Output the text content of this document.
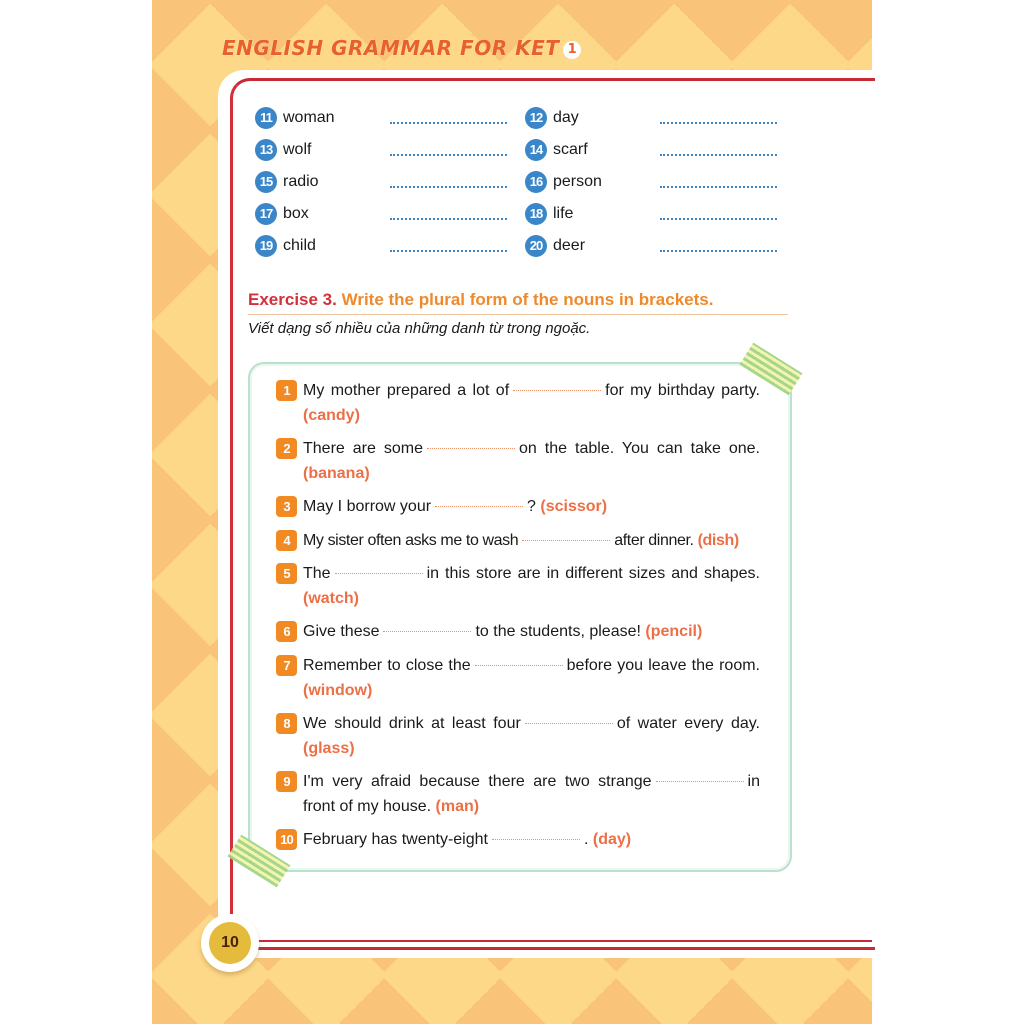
ENGLISH GRAMMAR FOR KET 1
11 woman	12 day
13 wolf	14 scarf
15 radio	16 person
17 box	18 life
19 child	20 deer
Exercise 3. Write the plural form of the nouns in brackets.
Viết dạng số nhiều của những danh từ trong ngoặc.
1 My mother prepared a lot of	for my birthday party. (candy)
2 There are some	on the table. You can take one. (banana)
3 May I borrow your	? (scissor)
4 My sister often asks me to wash	after dinner. (dish)
5 The	in this store are in different sizes and shapes. (watch)
6 Give these	to the students, please! (pencil)
7 Remember to close the	before you leave the room. (window)
8 We should drink at least four	of water every day. (glass)
9 I'm very afraid because there are two strange	in front of my house. (man)
10 February has twenty-eight	. (day)
10
